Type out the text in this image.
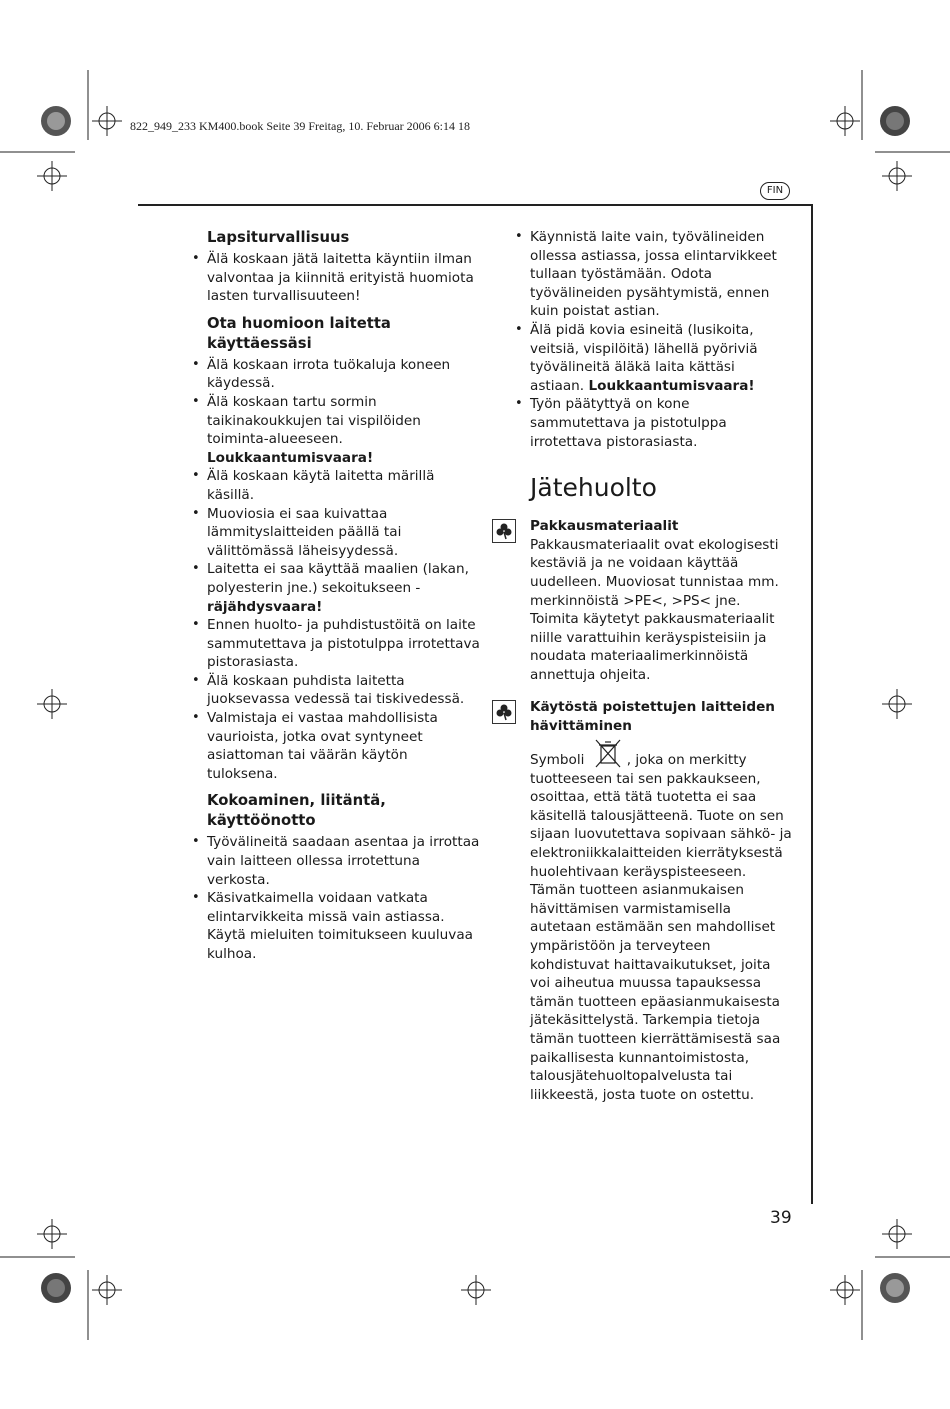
822_949_233 KM400.book Seite 39 Freitag, 10. Februar 2006 6:14 18
FIN
Lapsiturvallisuus
• Älä koskaan jätä laitetta käyntiin ilman valvontaa ja kiinnitä erityistä huomiota lasten turvallisuuteen!
Ota huomioon laitetta käyttäessäsi
• Älä koskaan irrota tuökaluja koneen käydessä.
• Älä koskaan tartu sormin taikinakoukkujen tai vispilöiden toiminta-alueeseen. Loukkaantumisvaara!
• Älä koskaan käytä laitetta märillä käsillä.
• Muoviosia ei saa kuivattaa lämmityslaitteiden päällä tai välittömässä läheisyydessä.
• Laitetta ei saa käyttää maalien (lakan, polyesterin jne.) sekoitukseen - räjähdysvaara!
• Ennen huolto- ja puhdistustöitä on laite sammutettava ja pistotulppa irrotettava pistorasiasta.
• Älä koskaan puhdista laitetta juoksevassa vedessä tai tiskivedessä.
• Valmistaja ei vastaa mahdollisista vaurioista, jotka ovat syntyneet asiattoman tai väärän käytön tuloksena.
Kokoaminen, liitäntä, käyttöönotto
• Työvälineitä saadaan asentaa ja irrottaa vain laitteen ollessa irrotettuna verkosta.
• Käsivatkaimella voidaan vatkata elintarvikkeita missä vain astiassa. Käytä mieluiten toimitukseen kuuluvaa kulhoa.
• Käynnistä laite vain, työvälineiden ollessa astiassa, jossa elintarvikkeet tullaan työstämään. Odota työvälineiden pysähtymistä, ennen kuin poistat astian.
• Älä pidä kovia esineitä (lusikoita, veitsiä, vispilöitä) lähellä pyöriviä työvälineitä äläkä laita kättäsi astiaan. Loukkaantumisvaara!
• Työn päätyttyä on kone sammutettava ja pistotulppa irrotettava pistorasiasta.
Jätehuolto
Pakkausmateriaalit

Pakkausmateriaalit ovat ekologisesti kestäviä ja ne voidaan käyttää uudelleen. Muoviosat tunnistaa mm. merkinnöistä >PE<, >PS< jne. Toimita käytetyt pakkausmateriaalit niille varattuihin keräyspisteisiin ja noudata materiaalimerkinnöistä annettuja ohjeita.

Käytöstä poistettujen laitteiden hävittäminen

Symboli	, joka on merkitty tuotteeseen tai sen pakkaukseen, osoittaa, että tätä tuotetta ei saa käsitellä talousjätteenä. Tuote on sen sijaan luovutettava sopivaan sähkö- ja elektroniikkalaitteiden kierrätyksestä huolehtivaan keräyspisteeseen. Tämän tuotteen asianmukaisen hävittämisen varmistamisella autetaan estämään sen mahdolliset ympäristöön ja terveyteen kohdistuvat haittavaikutukset, joita voi aiheutua muussa tapauksessa tämän tuotteen epäasianmukaisesta jätekäsittelystä. Tarkempia tietoja tämän tuotteen kierrättämisestä saa paikallisesta kunnantoimistosta, talousjätehuoltopalvelusta tai liikkeestä, josta tuote on ostettu.

39
